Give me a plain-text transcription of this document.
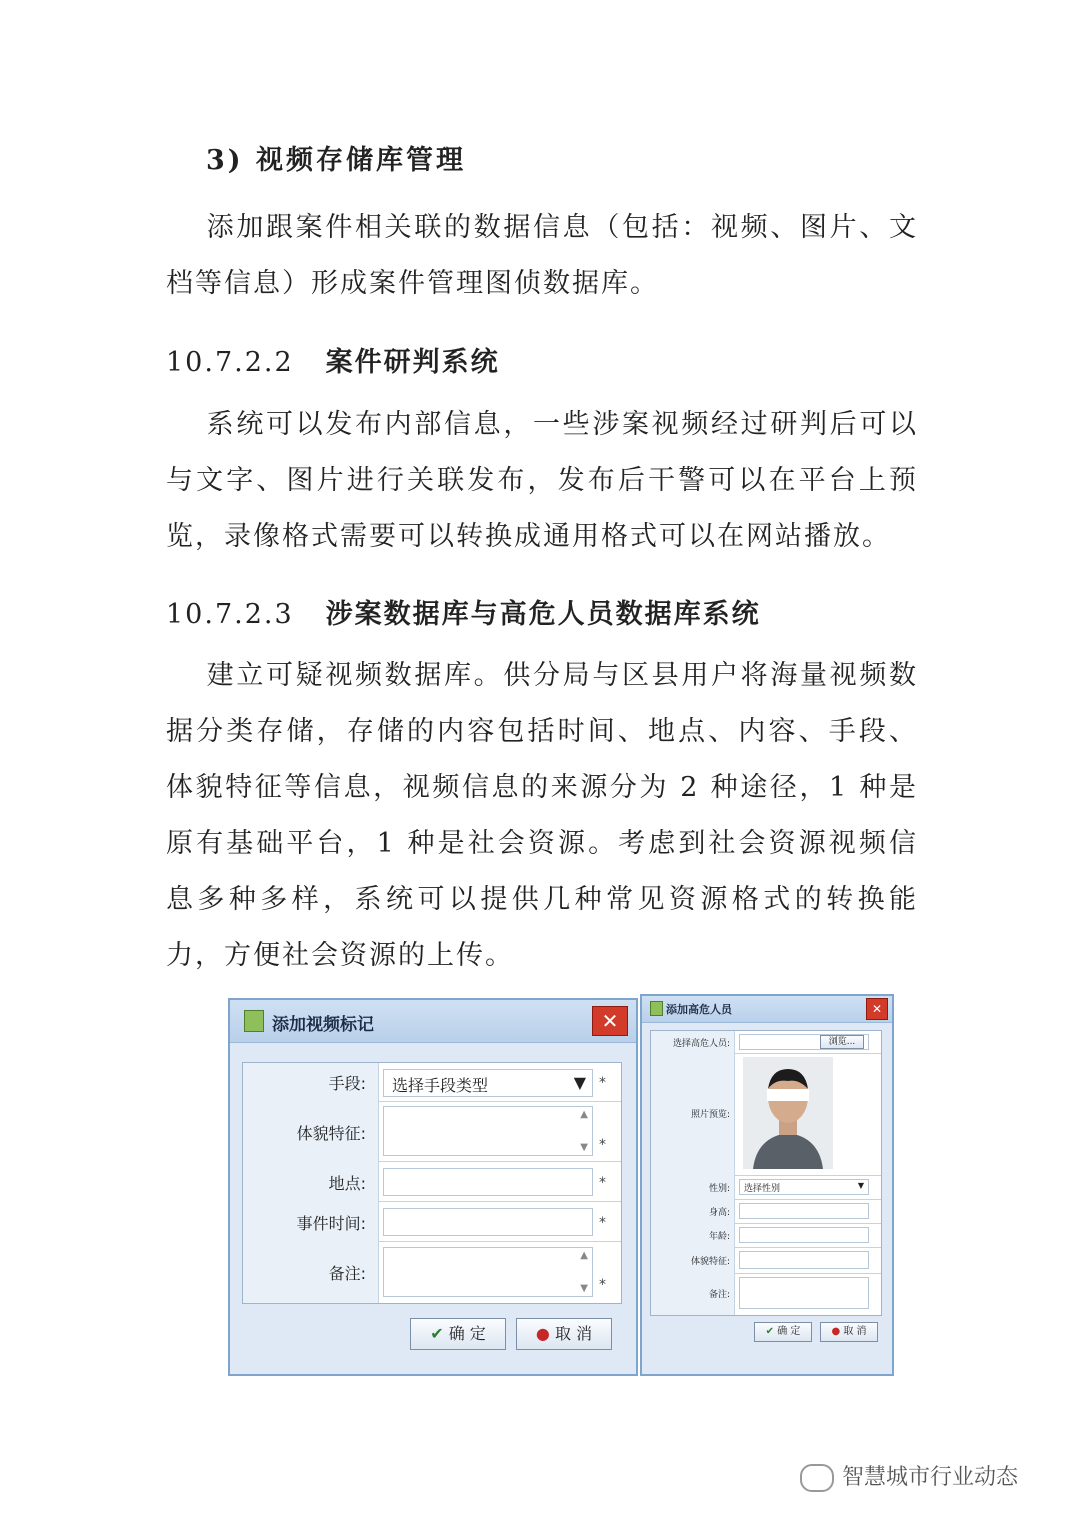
3) 视频存储库管理
添加跟案件相关联的数据信息（包括：视频、图片、文档等信息）形成案件管理图侦数据库。
10.7.2.2 案件研判系统
系统可以发布内部信息，一些涉案视频经过研判后可以与文字、图片进行关联发布，发布后干警可以在平台上预览，录像格式需要可以转换成通用格式可以在网站播放。
10.7.2.3 涉案数据库与高危人员数据库系统
建立可疑视频数据库。供分局与区县用户将海量视频数据分类存储，存储的内容包括时间、地点、内容、手段、体貌特征等信息，视频信息的来源分为 2 种途径，1 种是原有基础平台，1 种是社会资源。考虑到社会资源视频信息多种多样，系统可以提供几种常见资源格式的转换能力，方便社会资源的上传。
添加视频标记	✕
手段:	选择手段类型	▼ *
体貌特征:
▲
▼ *
地点:	*
事件时间:	*
备注:
▲
▼ *
✔ 确 定	● 取 消
添加高危人员	✕
选择高危人员:	浏览...
照片预览:
性别:	选择性别	▼
身高:
年龄:
体貌特征:
备注:
✔ 确 定	● 取 消
智慧城市行业动态
